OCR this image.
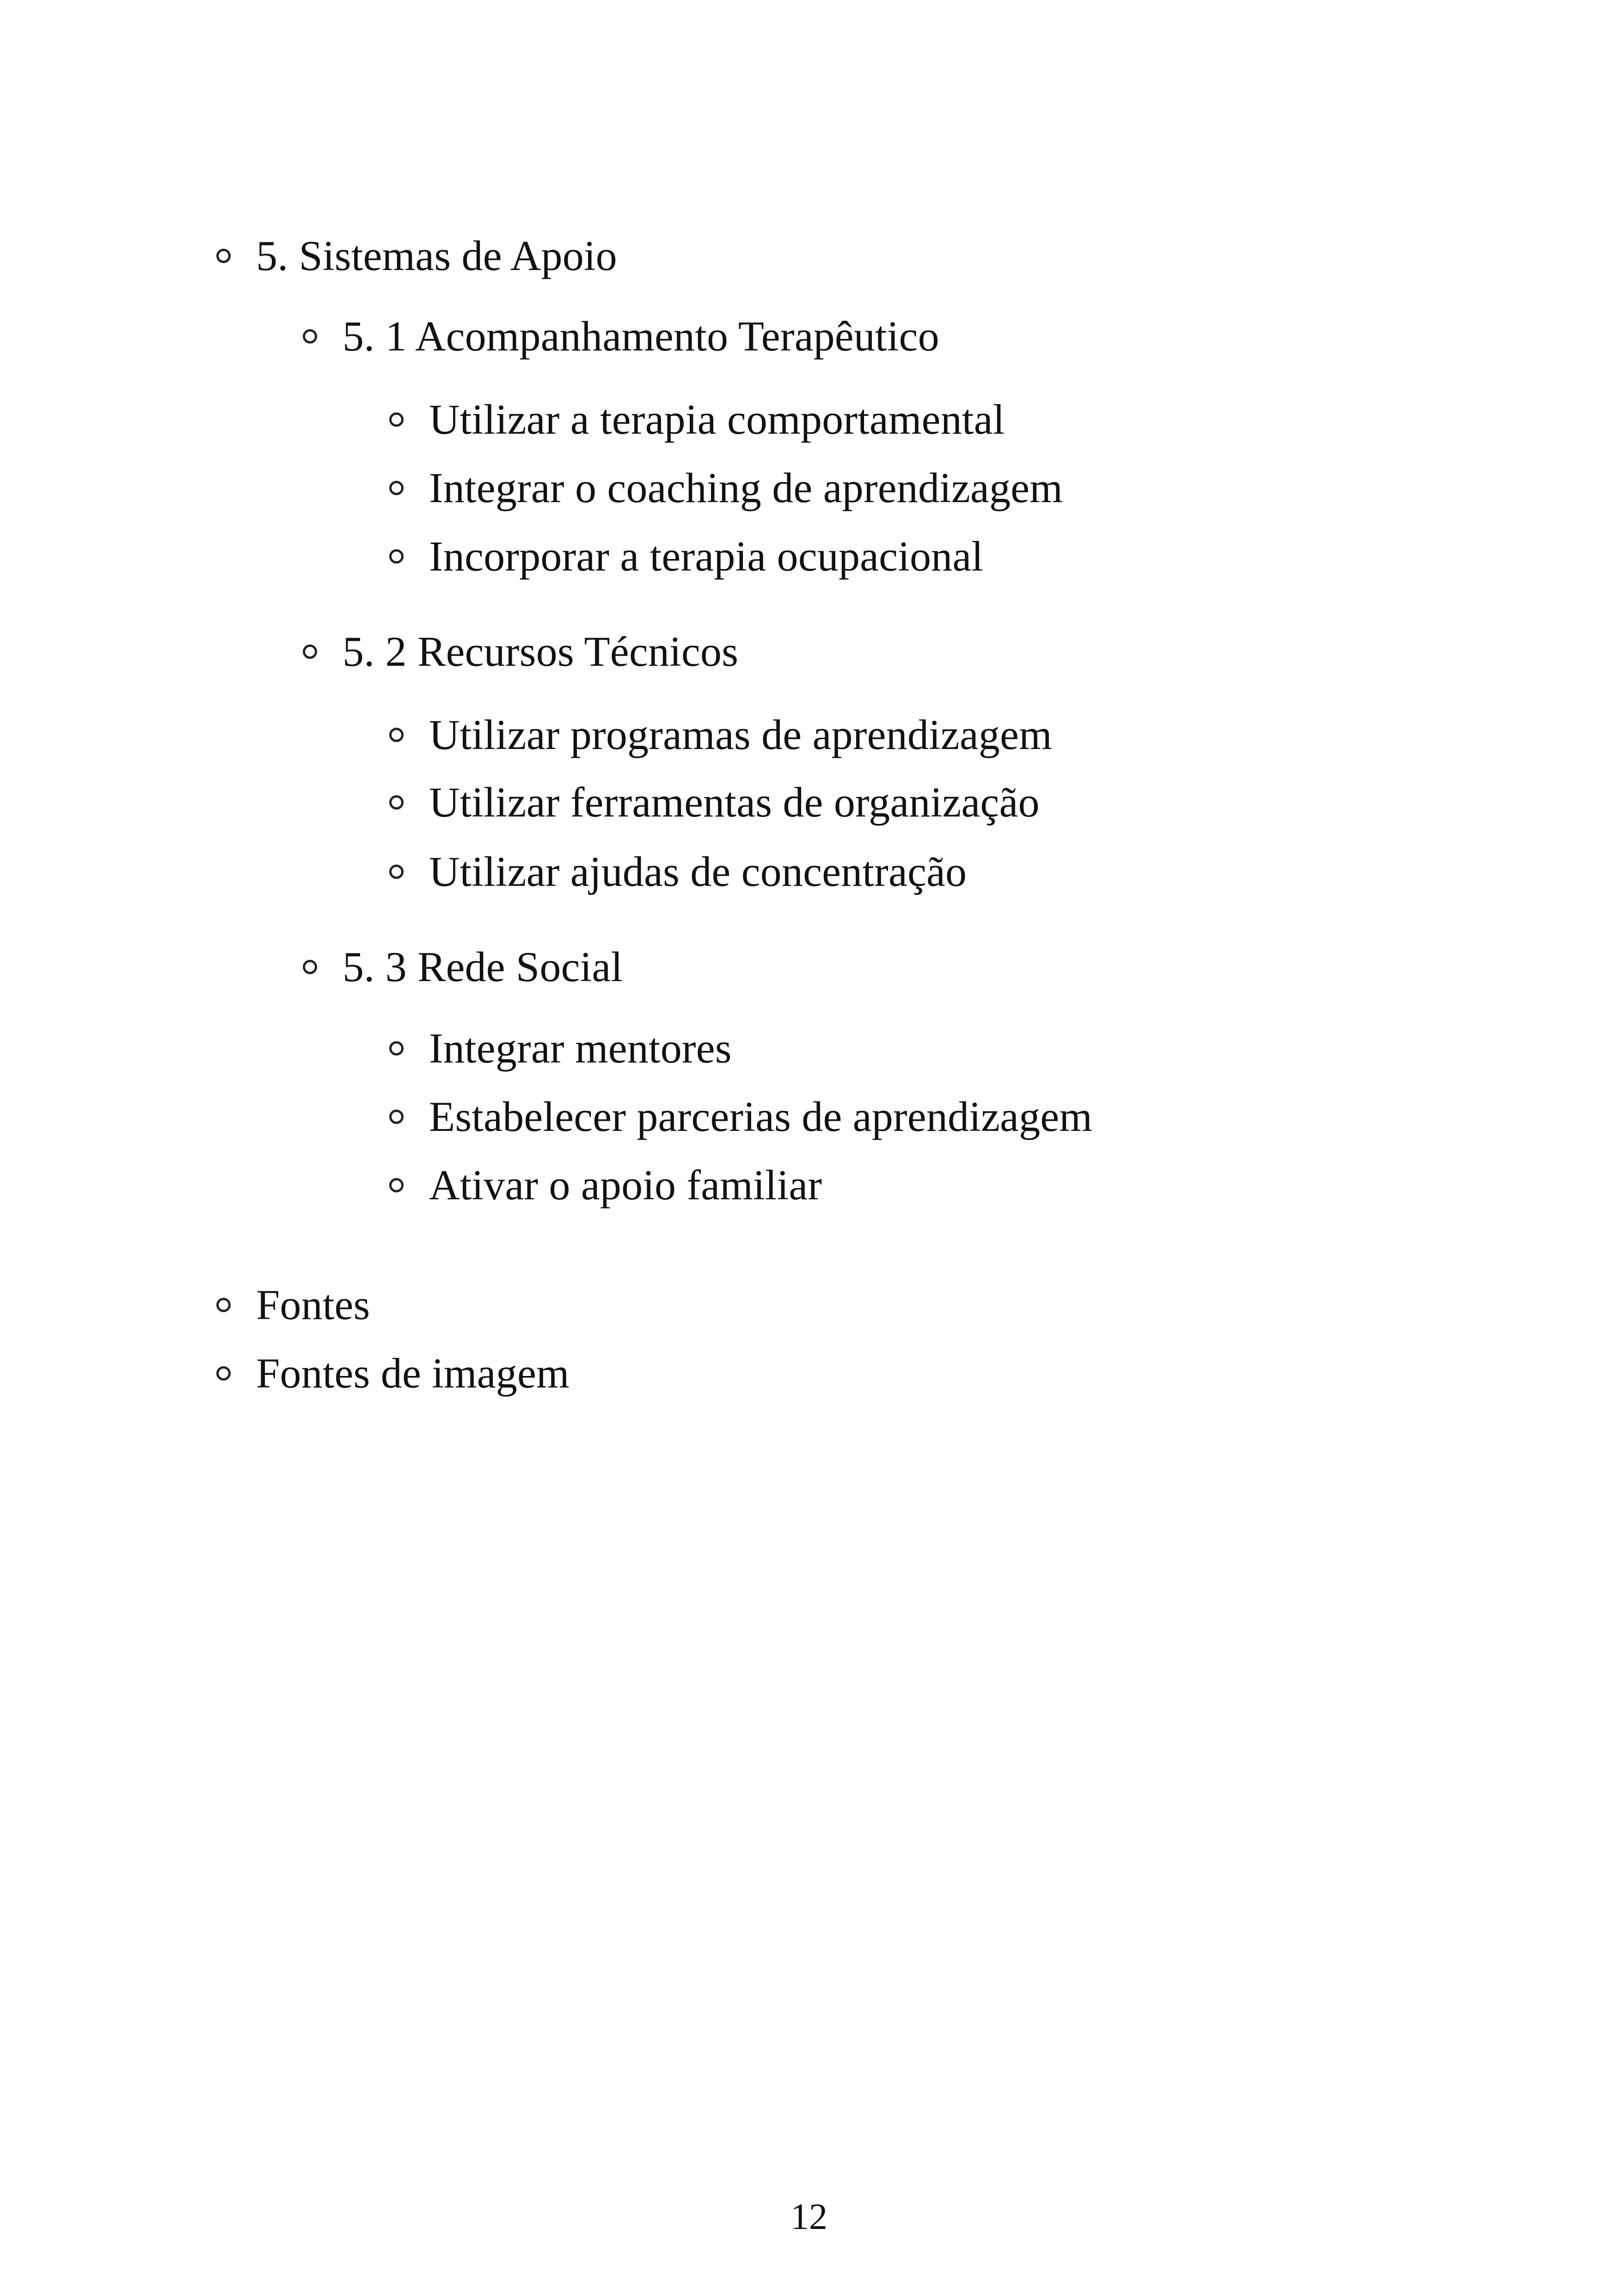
5. Sistemas de Apoio
5. 1 Acompanhamento Terapêutico
Utilizar a terapia comportamental
Integrar o coaching de aprendizagem
Incorporar a terapia ocupacional
5. 2 Recursos Técnicos
Utilizar programas de aprendizagem
Utilizar ferramentas de organização
Utilizar ajudas de concentração
5. 3 Rede Social
Integrar mentores
Estabelecer parcerias de aprendizagem
Ativar o apoio familiar
Fontes
Fontes de imagem
12
